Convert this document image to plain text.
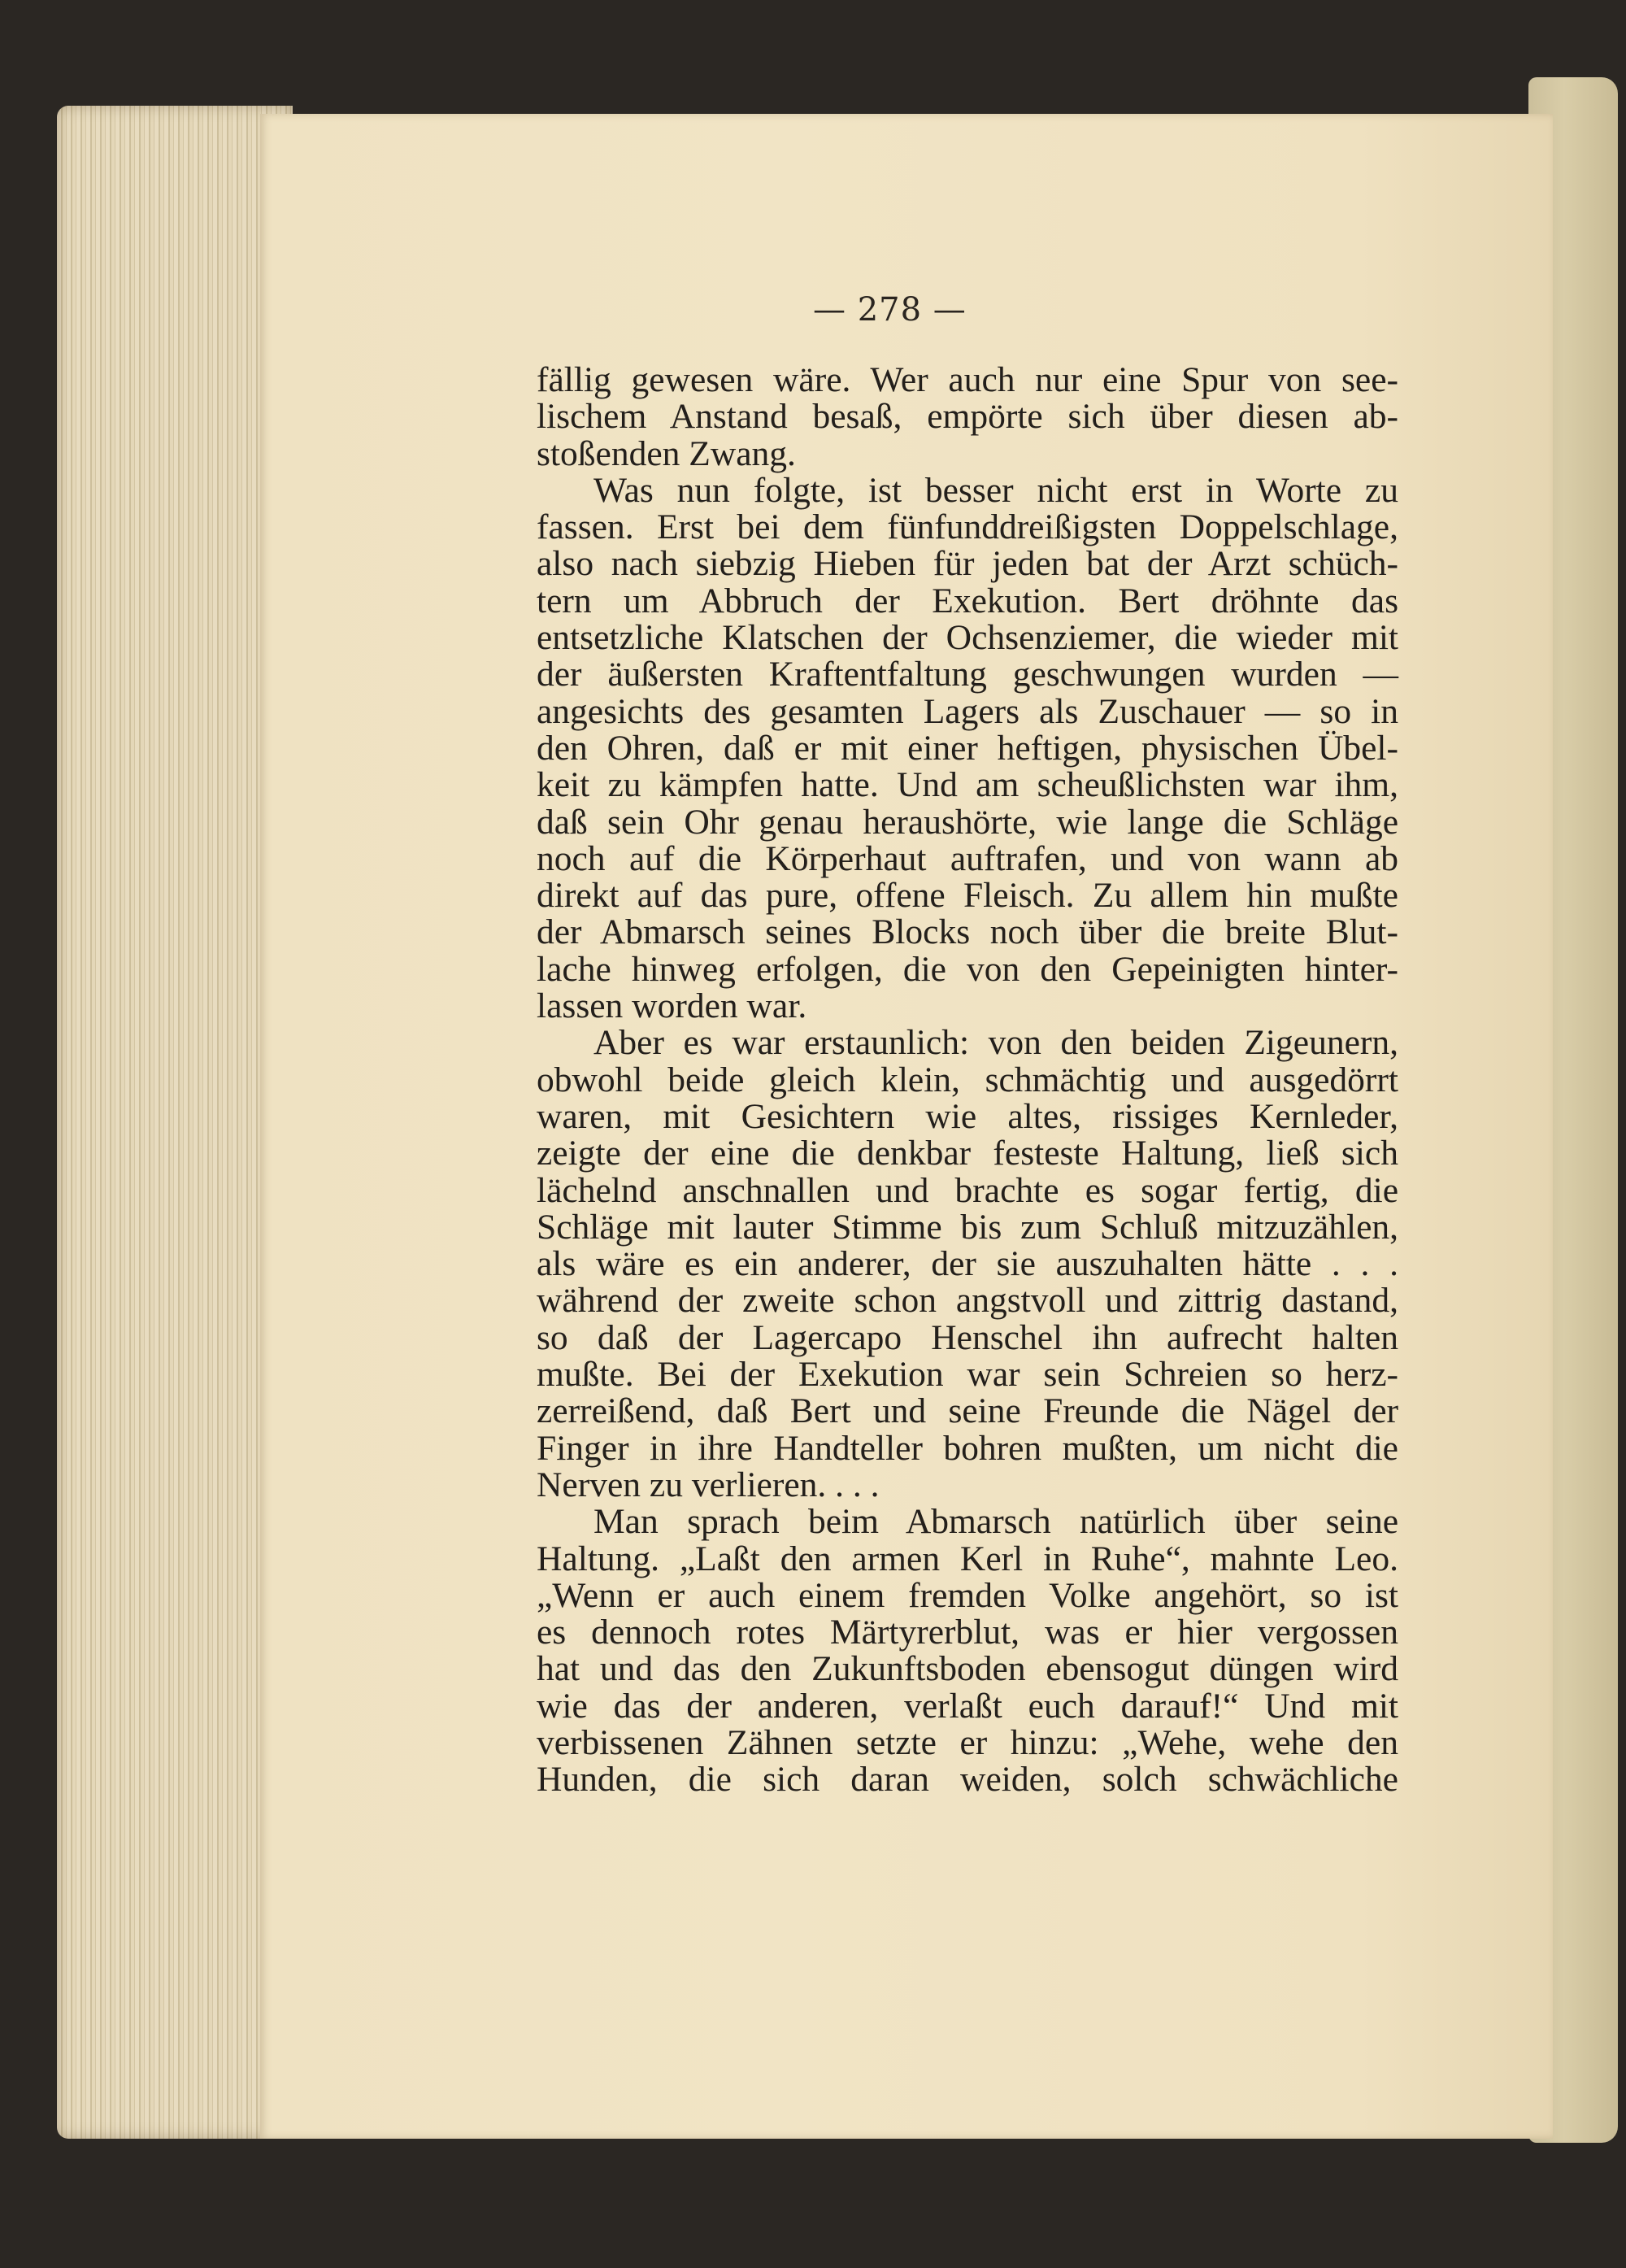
— 278 —
fällig gewesen wäre. Wer auch nur eine Spur von see-
lischem Anstand besaß, empörte sich über diesen ab-
stoßenden Zwang.
Was nun folgte, ist besser nicht erst in Worte zu
fassen. Erst bei dem fünfunddreißigsten Doppelschlage,
also nach siebzig Hieben für jeden bat der Arzt schüch-
tern um Abbruch der Exekution. Bert dröhnte das
entsetzliche Klatschen der Ochsenziemer, die wieder mit
der äußersten Kraftentfaltung geschwungen wurden —
angesichts des gesamten Lagers als Zuschauer — so in
den Ohren, daß er mit einer heftigen, physischen Übel-
keit zu kämpfen hatte. Und am scheußlichsten war ihm,
daß sein Ohr genau heraushörte, wie lange die Schläge
noch auf die Körperhaut auftrafen, und von wann ab
direkt auf das pure, offene Fleisch. Zu allem hin mußte
der Abmarsch seines Blocks noch über die breite Blut-
lache hinweg erfolgen, die von den Gepeinigten hinter-
lassen worden war.
Aber es war erstaunlich: von den beiden Zigeunern,
obwohl beide gleich klein, schmächtig und ausgedörrt
waren, mit Gesichtern wie altes, rissiges Kernleder,
zeigte der eine die denkbar festeste Haltung, ließ sich
lächelnd anschnallen und brachte es sogar fertig, die
Schläge mit lauter Stimme bis zum Schluß mitzuzählen,
als wäre es ein anderer, der sie auszuhalten hätte . . .
während der zweite schon angstvoll und zittrig dastand,
so daß der Lagercapo Henschel ihn aufrecht halten
mußte. Bei der Exekution war sein Schreien so herz-
zerreißend, daß Bert und seine Freunde die Nägel der
Finger in ihre Handteller bohren mußten, um nicht die
Nerven zu verlieren. . . .
Man sprach beim Abmarsch natürlich über seine
Haltung. „Laßt den armen Kerl in Ruhe“, mahnte Leo.
„Wenn er auch einem fremden Volke angehört, so ist
es dennoch rotes Märtyrerblut, was er hier vergossen
hat und das den Zukunftsboden ebensogut düngen wird
wie das der anderen, verlaßt euch darauf!“ Und mit
verbissenen Zähnen setzte er hinzu: „Wehe, wehe den
Hunden, die sich daran weiden, solch schwächliche
